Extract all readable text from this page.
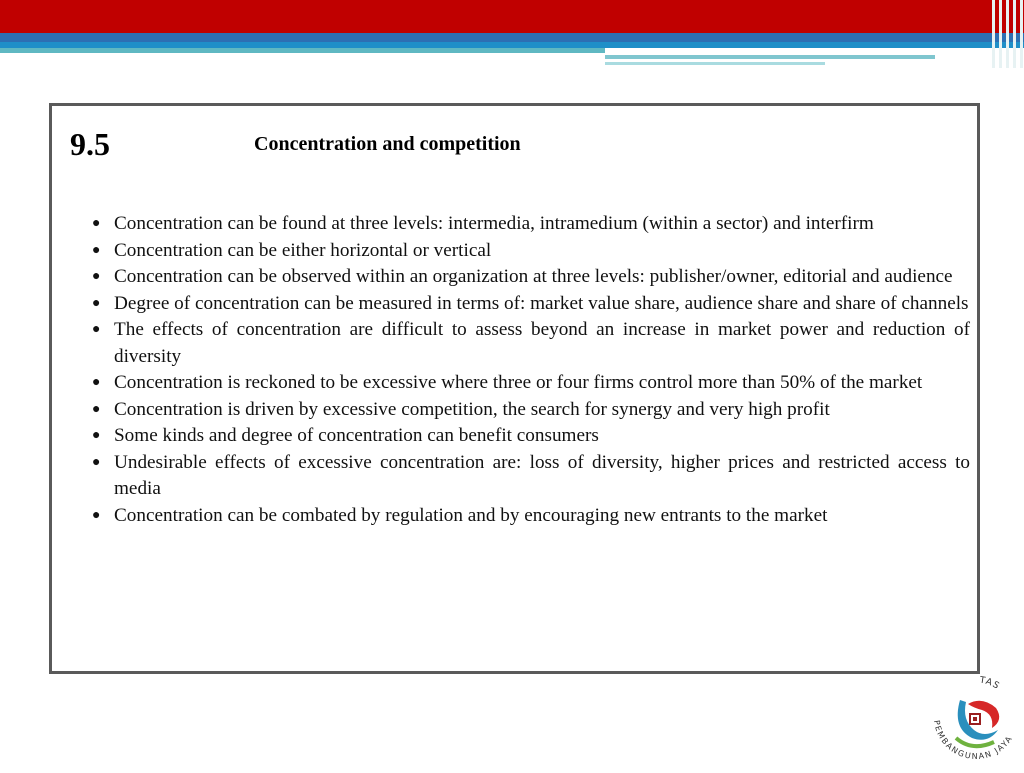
9.5	Concentration and competition
● Concentration can be found at three levels: intermedia, intramedium (within a sector) and interfirm
● Concentration can be either horizontal or vertical
● Concentration can be observed within an organization at three levels: publisher/owner, editorial and audience
● Degree of concentration can be measured in terms of: market value share, audience share and share of channels
● The effects of concentration are difficult to assess beyond an increase in market power and reduction of diversity
● Concentration is reckoned to be excessive where three or four firms control more than 50% of the market
● Concentration is driven by excessive competition, the search for synergy and very high profit
● Some kinds and degree of concentration can benefit consumers
● Undesirable effects of excessive concentration are: loss of diversity, higher prices and restricted access to media
● Concentration can be combated by regulation and by encouraging new entrants to the market
TAS
PEMBANGUNAN JAYA
